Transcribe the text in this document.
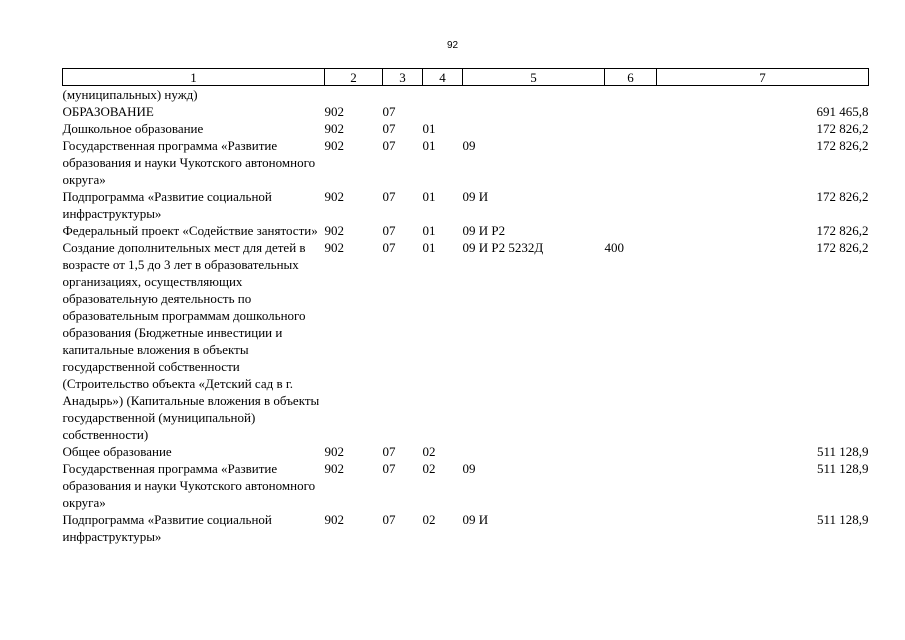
92
1	2	3	4	5	6	7
(муниципальных) нужд)						
ОБРАЗОВАНИЕ	902	07				691 465,8
Дошкольное образование	902	07	01			172 826,2
Государственная программа «Развитие образования и науки Чукотского автономного округа»	902	07	01	09		172 826,2
Подпрограмма «Развитие социальной инфраструктуры»	902	07	01	09 И		172 826,2
Федеральный проект «Содействие занятости»	902	07	01	09 И Р2		172 826,2
Создание дополнительных мест для детей в возрасте от 1,5 до 3 лет в образовательных организациях, осуществляющих образовательную деятельность по образовательным программам дошкольного образования (Бюджетные инвестиции и капитальные вложения в объекты государственной собственности (Строительство объекта «Детский сад в г. Анадырь») (Капитальные вложения в объекты государственной (муниципальной) собственности)	902	07	01	09 И Р2 5232Д	400	172 826,2
Общее образование	902	07	02			511 128,9
Государственная программа «Развитие образования и науки Чукотского автономного округа»	902	07	02	09		511 128,9
Подпрограмма «Развитие социальной инфраструктуры»	902	07	02	09 И		511 128,9
